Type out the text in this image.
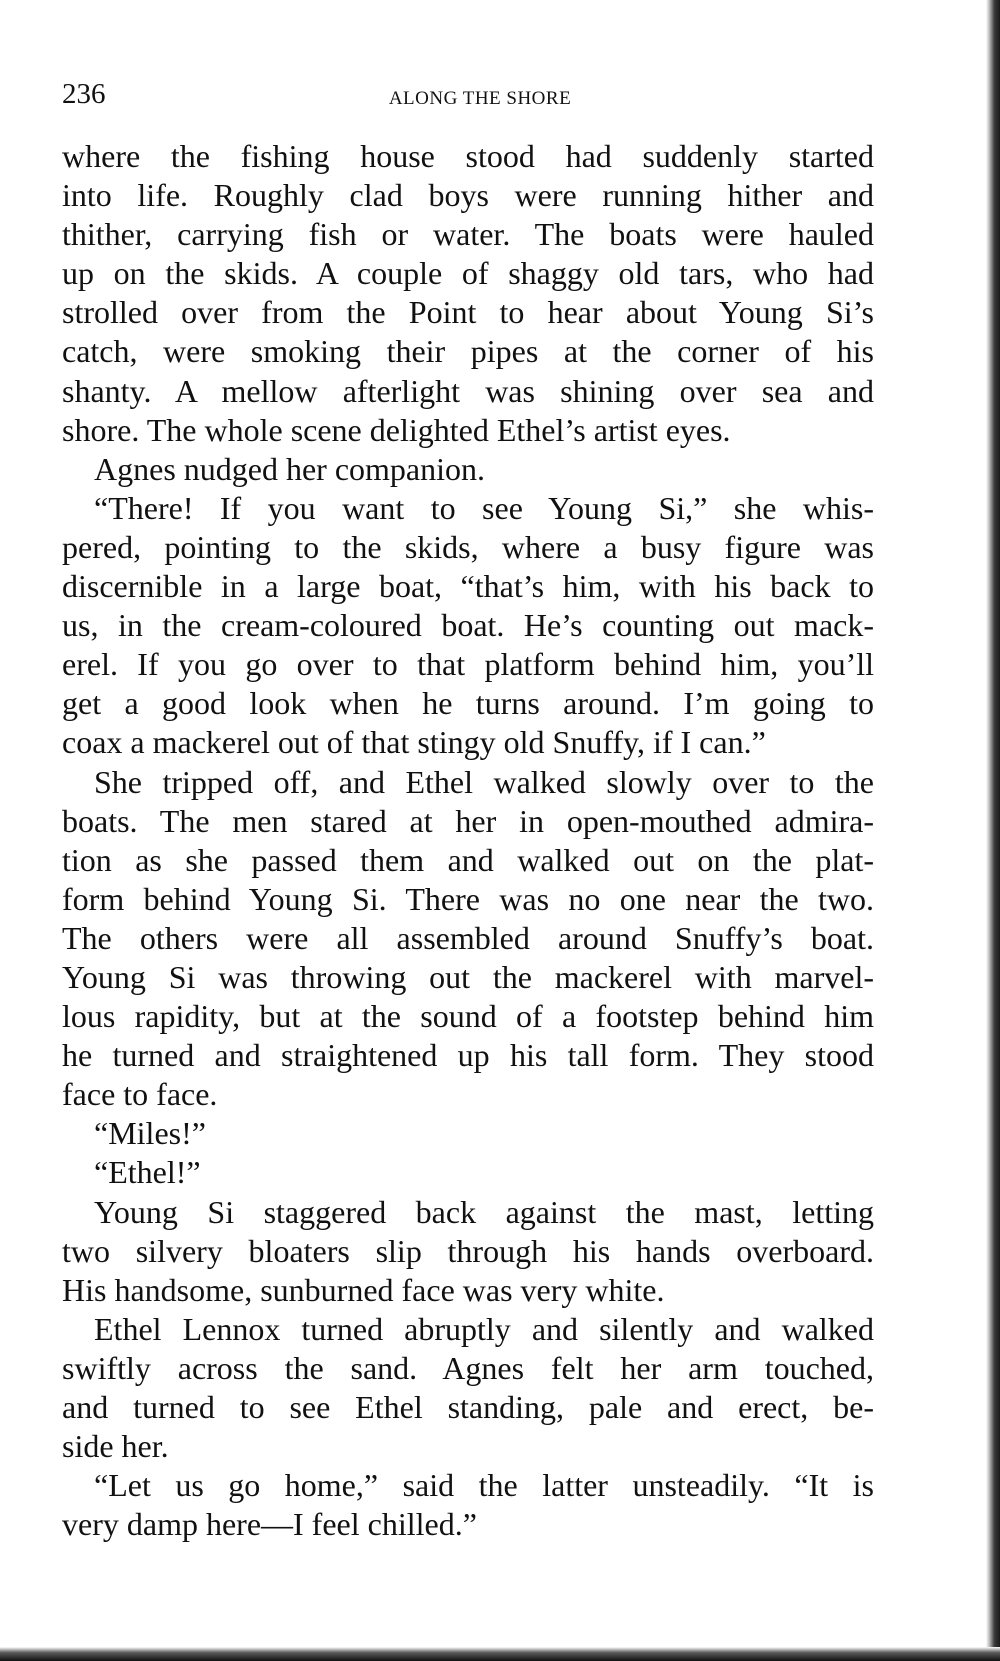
236	ALONG THE SHORE
where the fishing house stood had suddenly started
into life. Roughly clad boys were running hither and
thither, carrying fish or water. The boats were hauled
up on the skids. A couple of shaggy old tars, who had
strolled over from the Point to hear about Young Si’s
catch, were smoking their pipes at the corner of his
shanty. A mellow afterlight was shining over sea and
shore. The whole scene delighted Ethel’s artist eyes.
Agnes nudged her companion.
“There! If you want to see Young Si,” she whis-
pered, pointing to the skids, where a busy figure was
discernible in a large boat, “that’s him, with his back to
us, in the cream-coloured boat. He’s counting out mack-
erel. If you go over to that platform behind him, you’ll
get a good look when he turns around. I’m going to
coax a mackerel out of that stingy old Snuffy, if I can.”
She tripped off, and Ethel walked slowly over to the
boats. The men stared at her in open-mouthed admira-
tion as she passed them and walked out on the plat-
form behind Young Si. There was no one near the two.
The others were all assembled around Snuffy’s boat.
Young Si was throwing out the mackerel with marvel-
lous rapidity, but at the sound of a footstep behind him
he turned and straightened up his tall form. They stood
face to face.
“Miles!”
“Ethel!”
Young Si staggered back against the mast, letting
two silvery bloaters slip through his hands overboard.
His handsome, sunburned face was very white.
Ethel Lennox turned abruptly and silently and walked
swiftly across the sand. Agnes felt her arm touched,
and turned to see Ethel standing, pale and erect, be-
side her.
“Let us go home,” said the latter unsteadily. “It is
very damp here—I feel chilled.”
